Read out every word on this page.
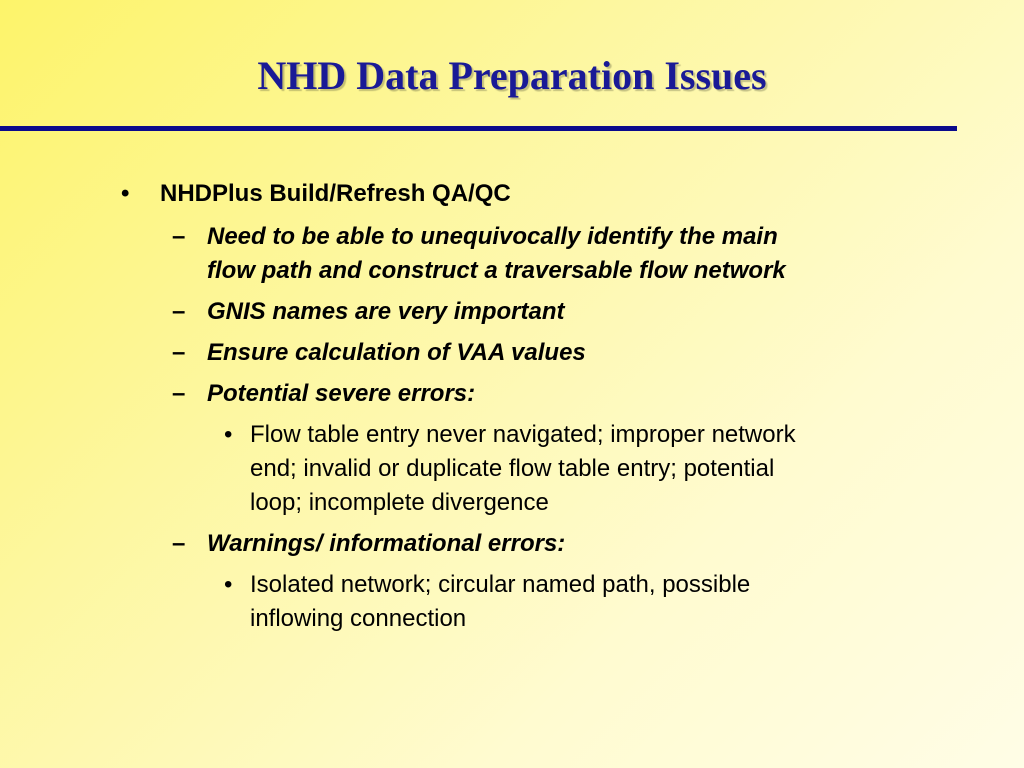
NHD Data Preparation Issues
• NHDPlus Build/Refresh QA/QC
– Need to be able to unequivocally identify the main flow path and construct a traversable flow network
– GNIS names are very important
– Ensure calculation of VAA values
– Potential severe errors:
• Flow table entry never navigated; improper network end; invalid or duplicate flow table entry; potential loop; incomplete divergence
– Warnings/ informational errors:
• Isolated network; circular named path, possible inflowing connection
